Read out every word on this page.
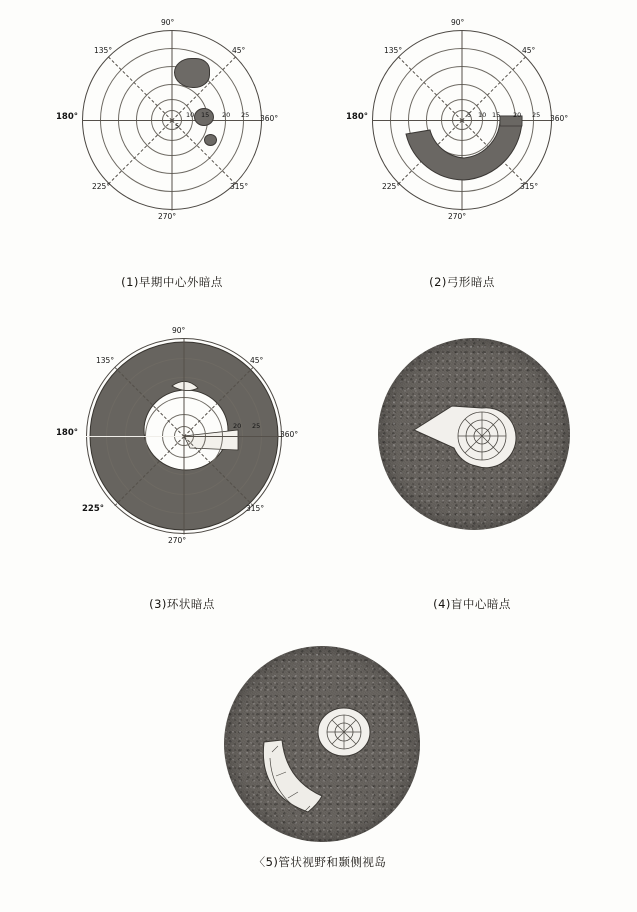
90°
45°
360°
315°
270°
225°
180°
135°
5
10 15 20 25
(1)早期中心外暗点
90°
45°
360°
315°
270°
225°
180°
135°
5 10 15 20 25
(2)弓形暗点
90°
45°
360°
315°
270°
225°
180°
135°
20 25
(3)环状暗点	(4)盲中心暗点
〈5)管状视野和颞侧视岛
